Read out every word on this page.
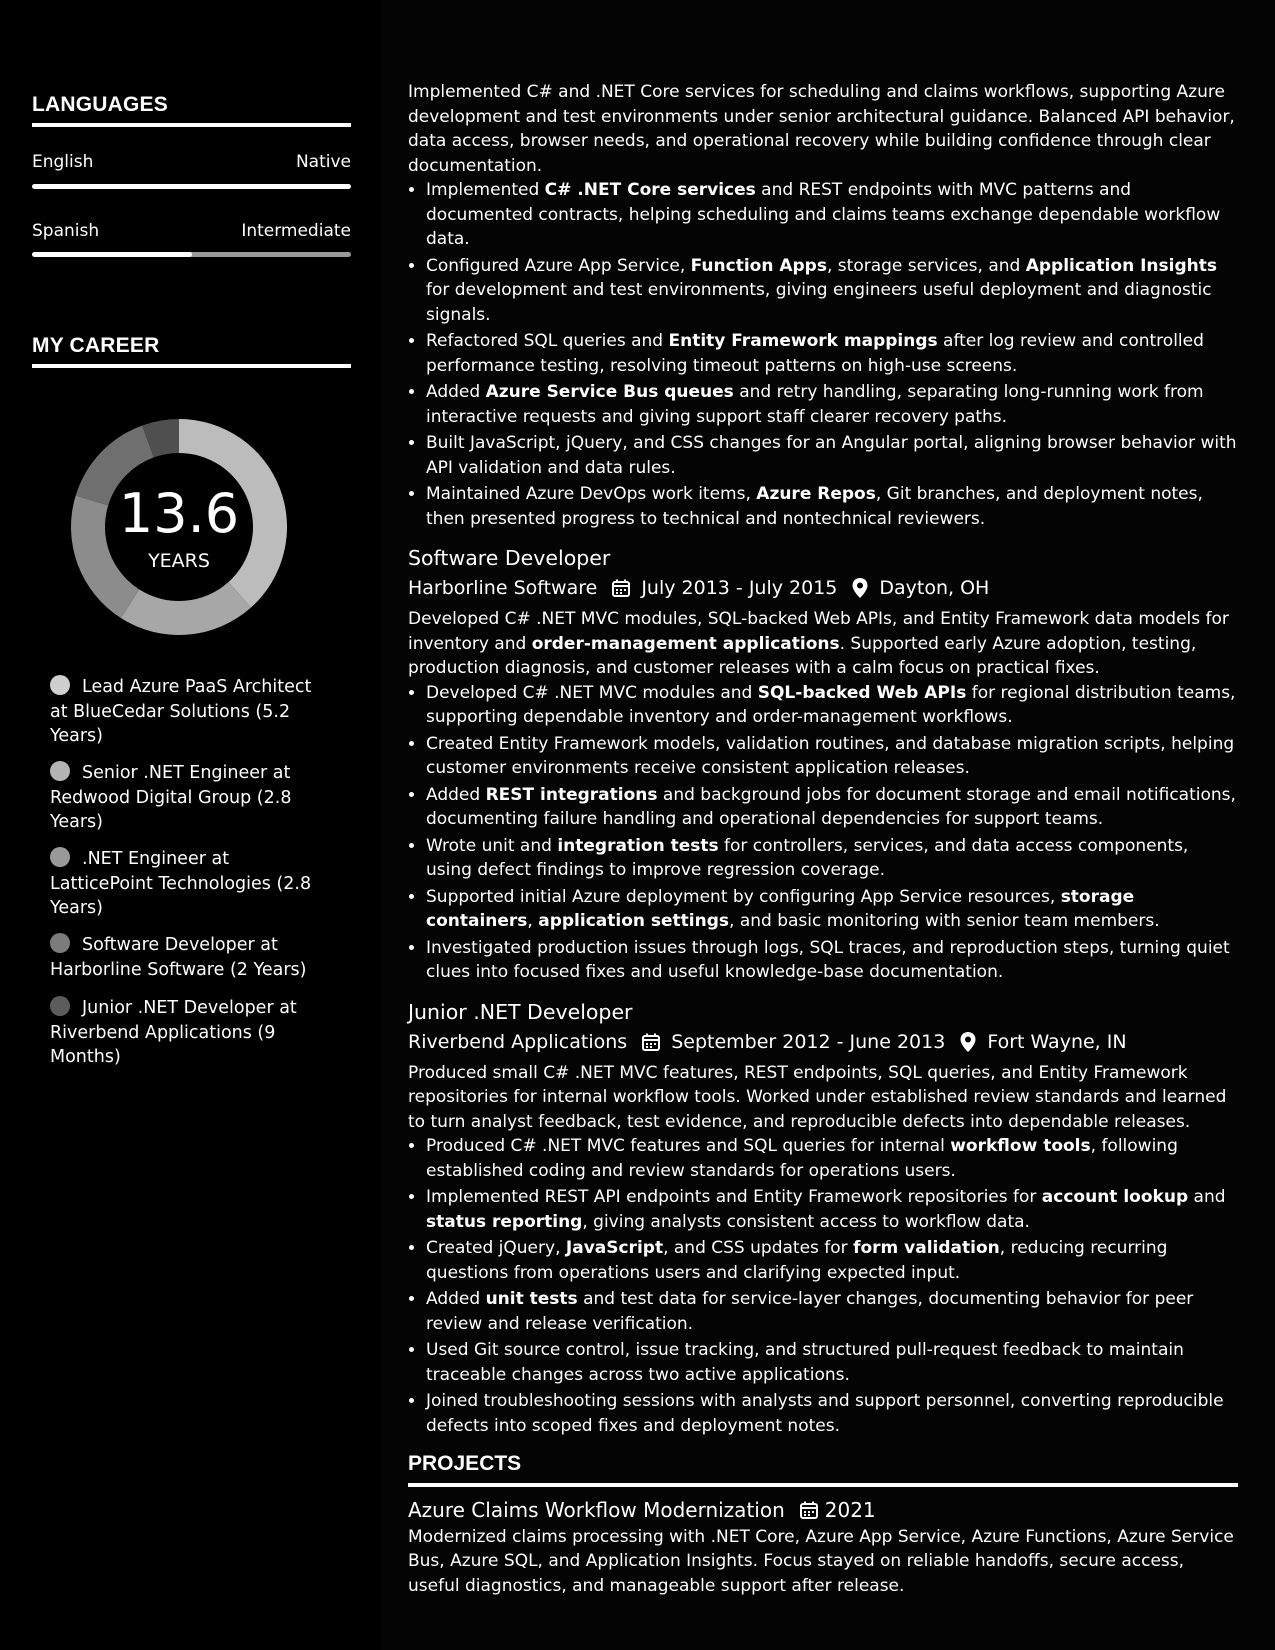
LANGUAGES
English	Native
Spanish	Intermediate
MY CAREER
13.6
YEARS
Lead Azure PaaS Architect at BlueCedar Solutions (5.2 Years)
Senior .NET Engineer at Redwood Digital Group (2.8 Years)
.NET Engineer at LatticePoint Technologies (2.8 Years)
Software Developer at Harborline Software (2 Years)
Junior .NET Developer at Riverbend Applications (9 Months)

Implemented C# and .NET Core services for scheduling and claims workflows, supporting Azure development and test environments under senior architectural guidance. Balanced API behavior, data access, browser needs, and operational recovery while building confidence through clear documentation.

• Implemented C# .NET Core services and REST endpoints with MVC patterns and documented contracts, helping scheduling and claims teams exchange dependable workflow data.
• Configured Azure App Service, Function Apps, storage services, and Application Insights for development and test environments, giving engineers useful deployment and diagnostic signals.
• Refactored SQL queries and Entity Framework mappings after log review and controlled performance testing, resolving timeout patterns on high-use screens.
• Added Azure Service Bus queues and retry handling, separating long-running work from interactive requests and giving support staff clearer recovery paths.
• Built JavaScript, jQuery, and CSS changes for an Angular portal, aligning browser behavior with API validation and data rules.
• Maintained Azure DevOps work items, Azure Repos, Git branches, and deployment notes, then presented progress to technical and nontechnical reviewers.
Software Developer
Harborline Software July 2013 - July 2015 Dayton, OH

Developed C# .NET MVC modules, SQL-backed Web APIs, and Entity Framework data models for inventory and order-management applications. Supported early Azure adoption, testing, production diagnosis, and customer releases with a calm focus on practical fixes.

• Developed C# .NET MVC modules and SQL-backed Web APIs for regional distribution teams, supporting dependable inventory and order-management workflows.
• Created Entity Framework models, validation routines, and database migration scripts, helping customer environments receive consistent application releases.
• Added REST integrations and background jobs for document storage and email notifications, documenting failure handling and operational dependencies for support teams.
• Wrote unit and integration tests for controllers, services, and data access components, using defect findings to improve regression coverage.
• Supported initial Azure deployment by configuring App Service resources, storage containers, application settings, and basic monitoring with senior team members.
• Investigated production issues through logs, SQL traces, and reproduction steps, turning quiet clues into focused fixes and useful knowledge-base documentation.
Junior .NET Developer
Riverbend Applications September 2012 - June 2013 Fort Wayne, IN

Produced small C# .NET MVC features, REST endpoints, SQL queries, and Entity Framework repositories for internal workflow tools. Worked under established review standards and learned to turn analyst feedback, test evidence, and reproducible defects into dependable releases.

• Produced C# .NET MVC features and SQL queries for internal workflow tools, following established coding and review standards for operations users.
• Implemented REST API endpoints and Entity Framework repositories for account lookup and status reporting, giving analysts consistent access to workflow data.
• Created jQuery, JavaScript, and CSS updates for form validation, reducing recurring questions from operations users and clarifying expected input.
• Added unit tests and test data for service-layer changes, documenting behavior for peer review and release verification.
• Used Git source control, issue tracking, and structured pull-request feedback to maintain traceable changes across two active applications.
• Joined troubleshooting sessions with analysts and support personnel, converting reproducible defects into scoped fixes and deployment notes.
PROJECTS
Azure Claims Workflow Modernization 2021

Modernized claims processing with .NET Core, Azure App Service, Azure Functions, Azure Service Bus, Azure SQL, and Application Insights. Focus stayed on reliable handoffs, secure access, useful diagnostics, and manageable support after release.
